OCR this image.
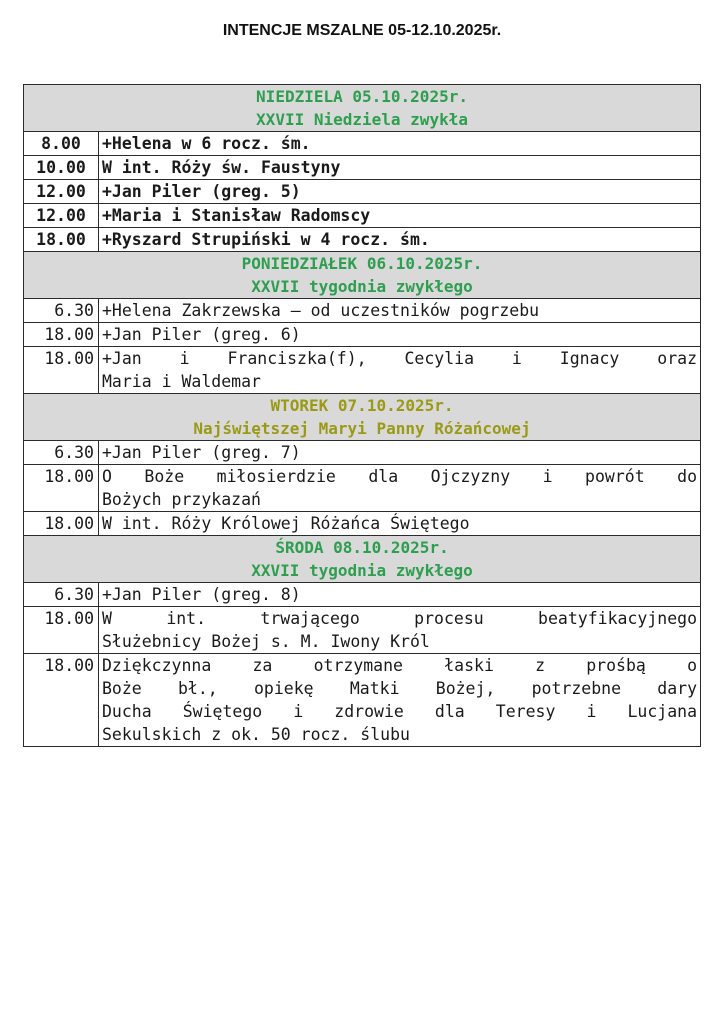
INTENCJE MSZALNE 05-12.10.2025r.
NIEDZIELA 05.10.2025r.
XXVII Niedziela zwykła	

8.00	+Helena w 6 rocz. śm.
10.00	W int. Róży św. Faustyny
12.00	+Jan Piler (greg. 5)
12.00	+Maria i Stanisław Radomscy
18.00	+Ryszard Strupiński w 4 rocz. śm.

PONIEDZIAŁEK 06.10.2025r.
XXVII tygodnia zwykłego	

6.30	+Helena Zakrzewska – od uczestników pogrzebu

18.00	+Jan Piler (greg. 6)

18.00	+Jan i Franciszka(f), Cecylia i Ignacy oraz
Maria i Waldemar

WTOREK 07.10.2025r.
Najświętszej Maryi Panny Różańcowej	

6.30	+Jan Piler (greg. 7)

18.00	O Boże miłosierdzie dla Ojczyzny i powrót do
Bożych przykazań

18.00	W int. Róży Królowej Różańca Świętego

ŚRODA 08.10.2025r.
XXVII tygodnia zwykłego	

6.30	+Jan Piler (greg. 8)

18.00	W int. trwającego procesu beatyfikacyjnego
Służebnicy Bożej s. M. Iwony Król

18.00	Dziękczynna za otrzymane łaski z prośbą o
Boże bł., opiekę Matki Bożej, potrzebne dary
Ducha Świętego i zdrowie dla Teresy i Lucjana
Sekulskich z ok. 50 rocz. ślubu
